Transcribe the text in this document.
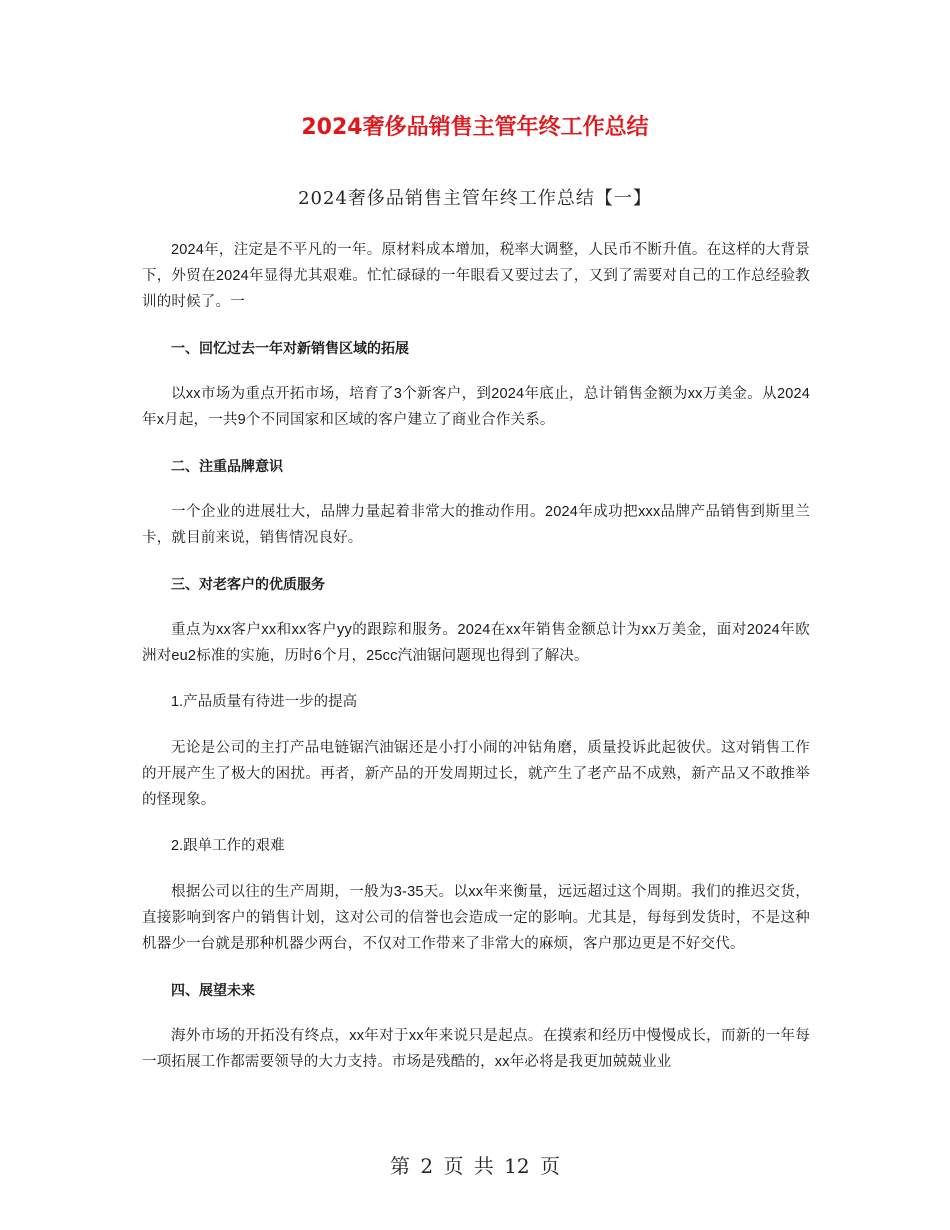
2024奢侈品销售主管年终工作总结
2024奢侈品销售主管年终工作总结【一】

2024年，注定是不平凡的一年。原材料成本增加，税率大调整，人民币不断升值。在这样的大背景下，外贸在2024年显得尤其艰难。忙忙碌碌的一年眼看又要过去了，又到了需要对自己的工作总经验教训的时候了。一

一、回忆过去一年对新销售区域的拓展

以xx市场为重点开拓市场，培育了3个新客户，到2024年底止，总计销售金额为xx万美金。从2024年x月起，一共9个不同国家和区域的客户建立了商业合作关系。

二、注重品牌意识

一个企业的进展壮大，品牌力量起着非常大的推动作用。2024年成功把xxx品牌产品销售到斯里兰卡，就目前来说，销售情况良好。

三、对老客户的优质服务

重点为xx客户xx和xx客户yy的跟踪和服务。2024在xx年销售金额总计为xx万美金，面对2024年欧洲对eu2标准的实施，历时6个月，25cc汽油锯问题现也得到了解决。

1.产品质量有待进一步的提高

无论是公司的主打产品电链锯汽油锯还是小打小闹的冲钻角磨，质量投诉此起彼伏。这对销售工作的开展产生了极大的困扰。再者，新产品的开发周期过长，就产生了老产品不成熟，新产品又不敢推举的怪现象。

2.跟单工作的艰难

根据公司以往的生产周期，一般为3-35天。以xx年来衡量，远远超过这个周期。我们的推迟交货，直接影响到客户的销售计划，这对公司的信誉也会造成一定的影响。尤其是，每每到发货时，不是这种机器少一台就是那种机器少两台，不仅对工作带来了非常大的麻烦，客户那边更是不好交代。

四、展望未来

海外市场的开拓没有终点，xx年对于xx年来说只是起点。在摸索和经历中慢慢成长，而新的一年每一项拓展工作都需要领导的大力支持。市场是残酷的，xx年必将是我更加兢兢业业

第 2 页 共 12 页
